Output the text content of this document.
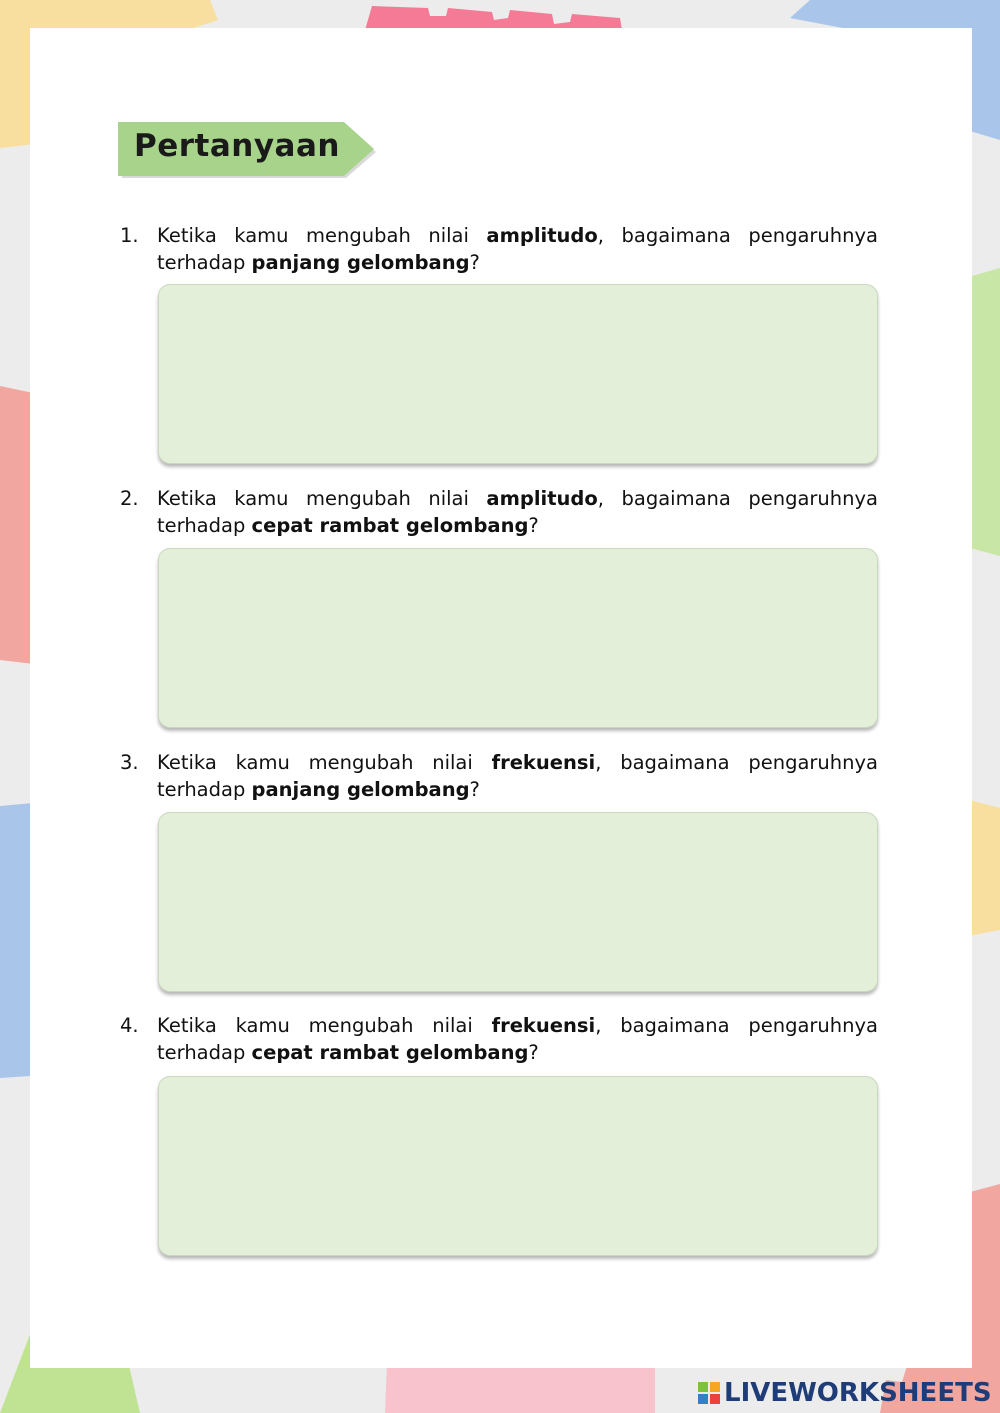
Pertanyaan
1. Ketika kamu mengubah nilai amplitudo, bagaimana pengaruhnya terhadap panjang gelombang?
2. Ketika kamu mengubah nilai amplitudo, bagaimana pengaruhnya terhadap cepat rambat gelombang?
3. Ketika kamu mengubah nilai frekuensi, bagaimana pengaruhnya terhadap panjang gelombang?
4. Ketika kamu mengubah nilai frekuensi, bagaimana pengaruhnya terhadap cepat rambat gelombang?
LIVEWORKSHEETS
